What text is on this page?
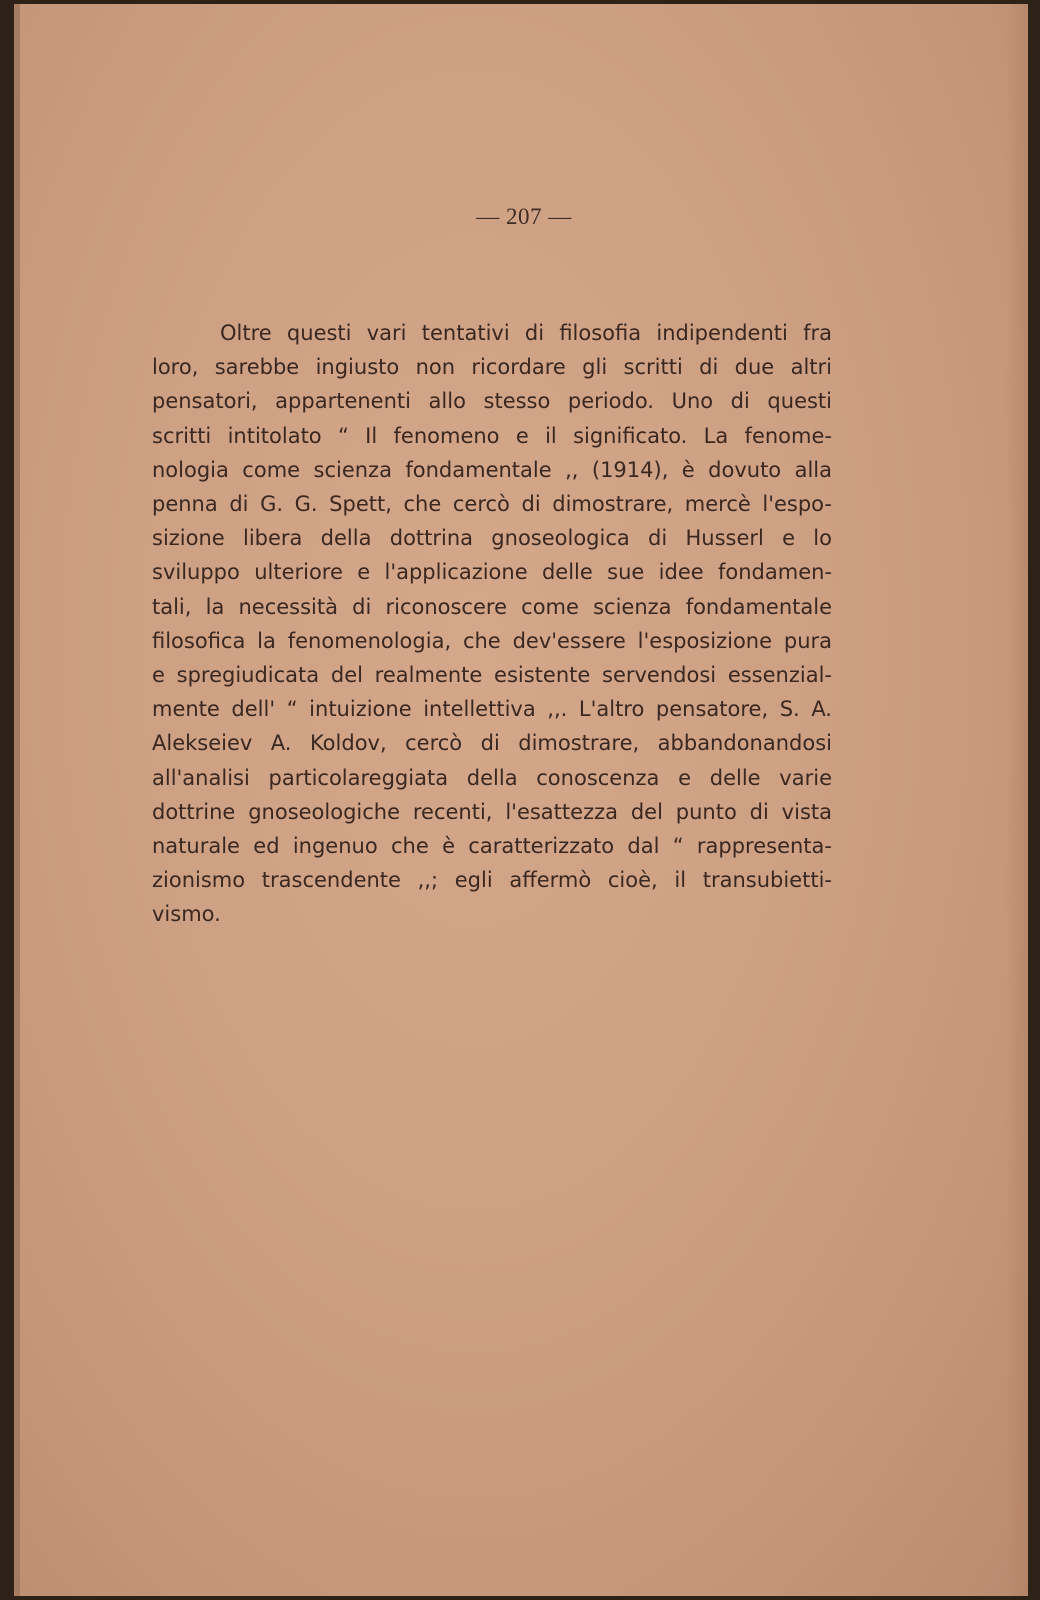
— 207 —

Oltre questi vari tentativi di filosofia indipendenti fra
loro, sarebbe ingiusto non ricordare gli scritti di due altri
pensatori, appartenenti allo stesso periodo. Uno di questi
scritti intitolato “ Il fenomeno e il significato. La fenome-
nologia come scienza fondamentale ,, (1914), è dovuto alla
penna di G. G. Spett, che cercò di dimostrare, mercè l'espo-
sizione libera della dottrina gnoseologica di Husserl e lo
sviluppo ulteriore e l'applicazione delle sue idee fondamen-
tali, la necessità di riconoscere come scienza fondamentale
filosofica la fenomenologia, che dev'essere l'esposizione pura
e spregiudicata del realmente esistente servendosi essenzial-
mente dell' “ intuizione intellettiva ,,. L'altro pensatore, S. A.
Alekseiev A. Koldov, cercò di dimostrare, abbandonandosi
all'analisi particolareggiata della conoscenza e delle varie
dottrine gnoseologiche recenti, l'esattezza del punto di vista
naturale ed ingenuo che è caratterizzato dal “ rappresenta-
zionismo trascendente ,,; egli affermò cioè, il transubietti-
vismo.
